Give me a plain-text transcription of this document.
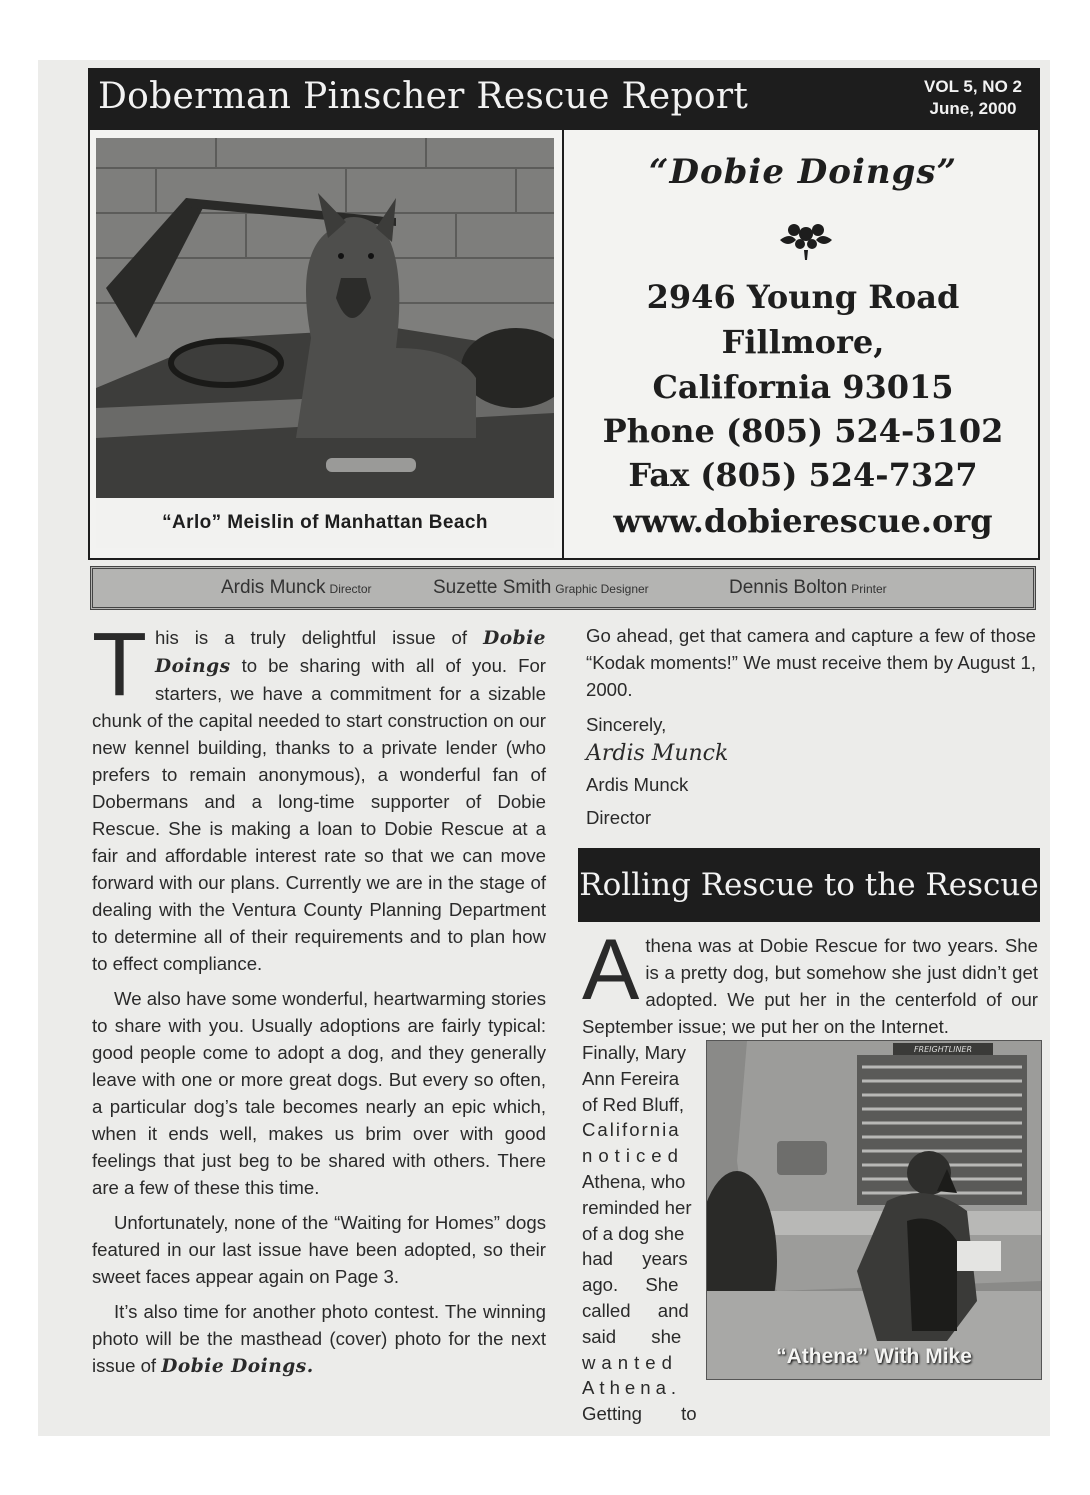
Doberman Pinscher Rescue Report	VOL 5, NO 2
June, 2000
“Arlo” Meislin of Manhattan Beach
“Dobie Doings”
2946 Young Road
Fillmore,
California 93015
Phone (805) 524-5102
Fax (805) 524-7327
www.dobierescue.org
Ardis Munck Director	Suzette Smith Graphic Designer	Dennis Bolton Printer

This is a truly delightful issue of Dobie Doings to be sharing with all of you. For starters, we have a commitment for a sizable chunk of the capital needed to start construction on our new kennel building, thanks to a private lender (who prefers to remain anonymous), a wonderful fan of Dobermans and a long-time supporter of Dobie Rescue. She is making a loan to Dobie Rescue at a fair and affordable interest rate so that we can move forward with our plans. Currently we are in the stage of dealing with the Ventura County Planning Department to determine all of their requirements and to plan how to effect compliance.

We also have some wonderful, heartwarming stories to share with you. Usually adoptions are fairly typical: good people come to adopt a dog, and they generally leave with one or more great dogs. But every so often, a particular dog’s tale becomes nearly an epic which, when it ends well, makes us brim over with good feelings that just beg to be shared with others. There are a few of these this time.

Unfortunately, none of the “Waiting for Homes” dogs featured in our last issue have been adopted, so their sweet faces appear again on Page 3.

It’s also time for another photo contest. The winning photo will be the masthead (cover) photo for the next issue of Dobie Doings.

Go ahead, get that camera and capture a few of those “Kodak moments!” We must receive them by August 1, 2000.

Sincerely,

Ardis Munck

Ardis Munck

Director

Rolling Rescue to the Rescue

Athena was at Dobie Rescue for two years. She is a pretty dog, but somehow she just didn’t get adopted. We put her in the centerfold of our September issue; we put her on the Internet.

Finally, Mary

Ann Fereira

of Red Bluff,

California

noticed

Athena, who

reminded her

of a dog she

had years

ago. She

called and

said she

wanted

Athena.

Getting to

FREIGHTLINER
“Athena” With Mike
